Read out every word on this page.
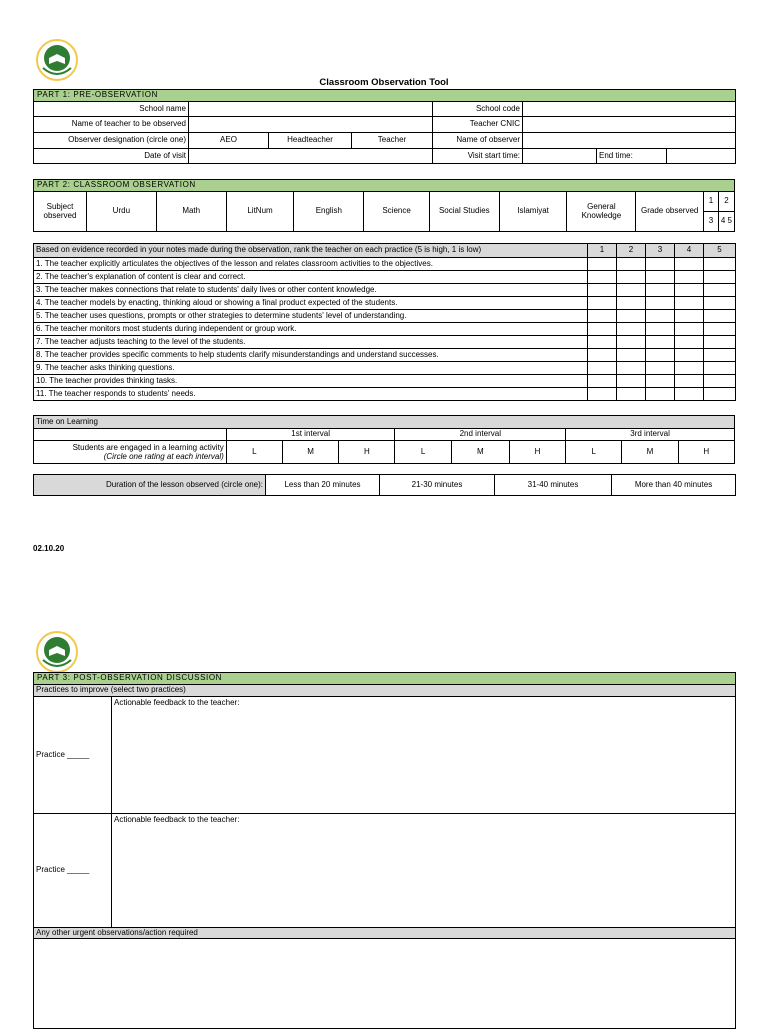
Classroom Observation Tool
PART 1: PRE-OBSERVATION							
School name				School code			
Name of teacher to be observed				Teacher CNIC			
Observer designation (circle one)	AEO	Headteacher	Teacher	Name of observer			
Date of visit				Visit start time:		End time:	
PART 2: CLASSROOM OBSERVATION											
Subject observed	Urdu	Math	LitNum	English	Science	Social Studies	Islamiyat	General Knowledge	Grade observed	1	2
										3	4 5
Based on evidence recorded in your notes made during the observation, rank the teacher on each practice (5 is high, 1 is low)	1	2	3	4	5
1. The teacher explicitly articulates the objectives of the lesson and relates classroom activities to the objectives.					
2. The teacher's explanation of content is clear and correct.					
3. The teacher makes connections that relate to students' daily lives or other content knowledge.					
4. The teacher models by enacting, thinking aloud or showing a final product expected of the students.					
5. The teacher uses questions, prompts or other strategies to determine students' level of understanding.					
6. The teacher monitors most students during independent or group work.					
7. The teacher adjusts teaching to the level of the students.					
8. The teacher provides specific comments to help students clarify misunderstandings and understand successes.					
9. The teacher asks thinking questions.					
10. The teacher provides thinking tasks.					
11. The teacher responds to students' needs.					
Time on Learning									
	1st interval			2nd interval			3rd interval		

Students are engaged in a learning activity
(Circle one rating at each interval)	L	M	H	L	M	H	L	M	H
Duration of the lesson observed (circle one):	Less than 20 minutes	21-30 minutes	31-40 minutes	More than 40 minutes
02.10.20
PART 3: POST-OBSERVATION DISCUSSION	
Practices to improve (select two practices)	
Practice _____	Actionable feedback to the teacher:
Practice _____	Actionable feedback to the teacher:
Any other urgent observations/action required	
